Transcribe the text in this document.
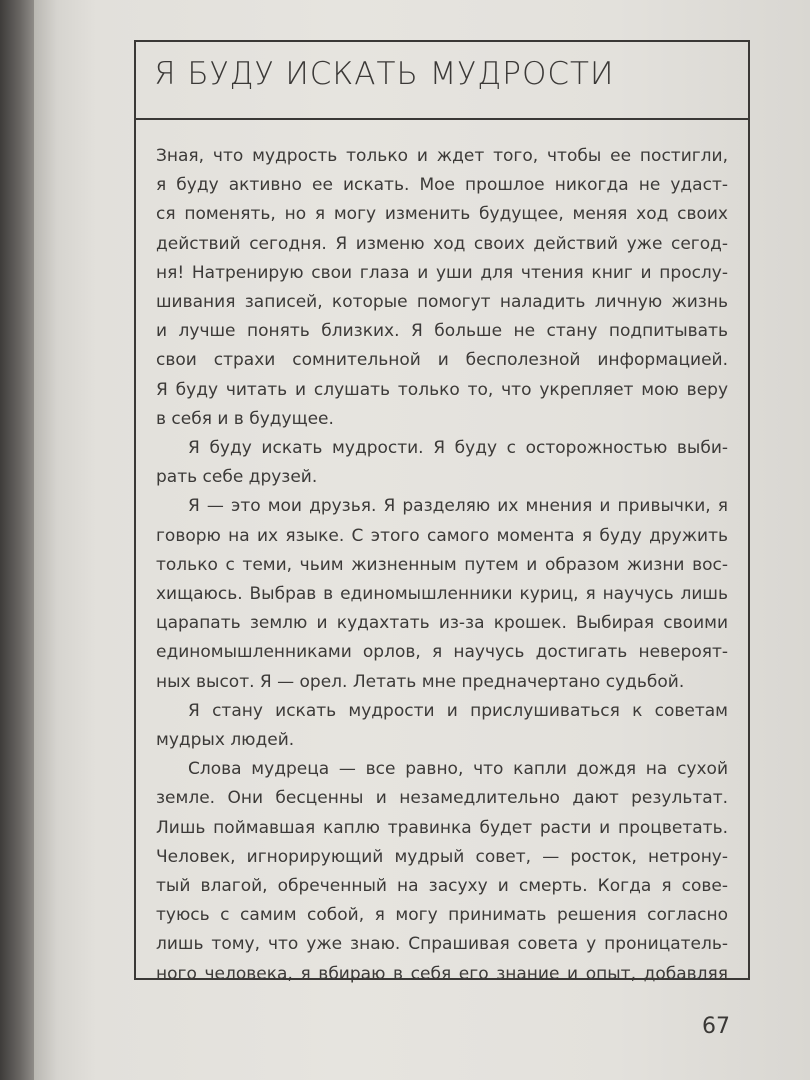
Я БУДУ ИСКАТЬ МУДРОСТИ
Зная, что мудрость только и ждет того, чтобы ее постигли,
я буду активно ее искать. Мое прошлое никогда не удаст-
ся поменять, но я могу изменить будущее, меняя ход своих
действий сегодня. Я изменю ход своих действий уже сегод-
ня! Натренирую свои глаза и уши для чтения книг и прослу-
шивания записей, которые помогут наладить личную жизнь
и лучше понять близких. Я больше не стану подпитывать
свои страхи сомнительной и бесполезной информацией.
Я буду читать и слушать только то, что укрепляет мою веру
в себя и в будущее.
Я буду искать мудрости. Я буду с осторожностью выби-
рать себе друзей.
Я — это мои друзья. Я разделяю их мнения и привычки, я
говорю на их языке. С этого самого момента я буду дружить
только с теми, чьим жизненным путем и образом жизни вос-
хищаюсь. Выбрав в единомышленники куриц, я научусь лишь
царапать землю и кудахтать из-за крошек. Выбирая своими
единомышленниками орлов, я научусь достигать невероят-
ных высот. Я — орел. Летать мне предначертано судьбой.
Я стану искать мудрости и прислушиваться к советам
мудрых людей.
Слова мудреца — все равно, что капли дождя на сухой
земле. Они бесценны и незамедлительно дают результат.
Лишь поймавшая каплю травинка будет расти и процветать.
Человек, игнорирующий мудрый совет, — росток, нетрону-
тый влагой, обреченный на засуху и смерть. Когда я сове-
туюсь с самим собой, я могу принимать решения согласно
лишь тому, что уже знаю. Спрашивая совета у проницатель-
ного человека, я вбираю в себя его знание и опыт, добавляя
67
